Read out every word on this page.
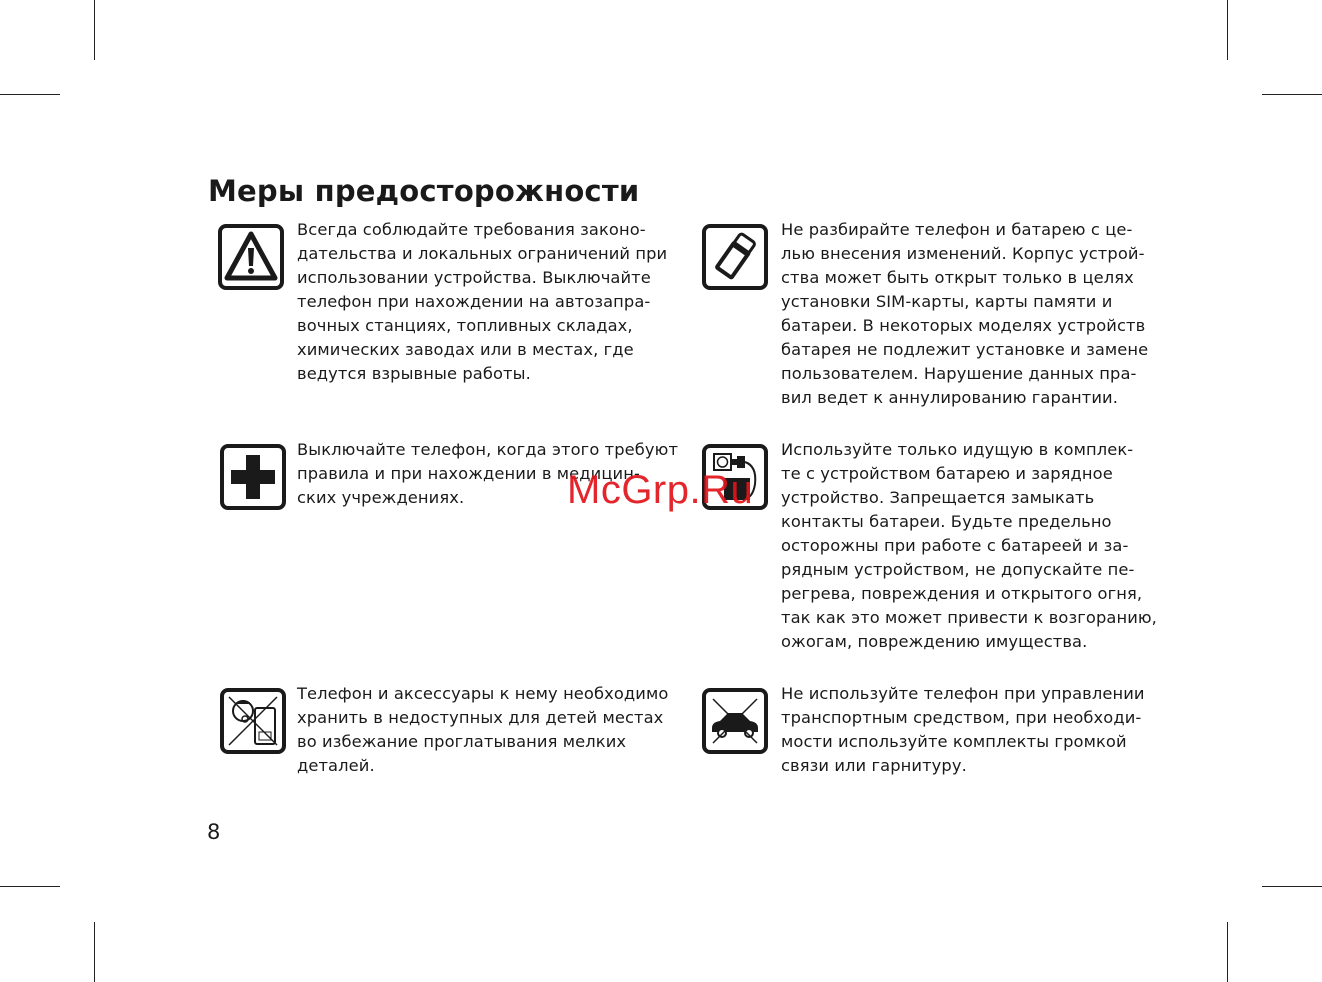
Меры предосторожности
Всегда соблюдайте требования законо-
дательства и локальных ограничений при
использовании устройства. Выключайте
телефон при нахождении на автозапра-
вочных станциях, топливных складах,
химических заводах или в местах, где
ведутся взрывные работы.
Не разбирайте телефон и батарею с це-
лью внесения изменений. Корпус устрой-
ства может быть открыт только в целях
установки SIM-карты, карты памяти и
батареи. В некоторых моделях устройств
батарея не подлежит установке и замене
пользователем. Нарушение данных пра-
вил ведет к аннулированию гарантии.
Выключайте телефон, когда этого требуют
правила и при нахождении в медицин-
ских учреждениях.
Используйте только идущую в комплек-
те с устройством батарею и зарядное
устройство. Запрещается замыкать
контакты батареи. Будьте предельно
осторожны при работе с батареей и за-
рядным устройством, не допускайте пе-
регрева, повреждения и открытого огня,
так как это может привести к возгоранию,
ожогам, повреждению имущества.
Телефон и аксессуары к нему необходимо
хранить в недоступных для детей местах
во избежание проглатывания мелких
деталей.
Не используйте телефон при управлении
транспортным средством, при необходи-
мости используйте комплекты громкой
связи или гарнитуру.
8
McGrp.Ru
